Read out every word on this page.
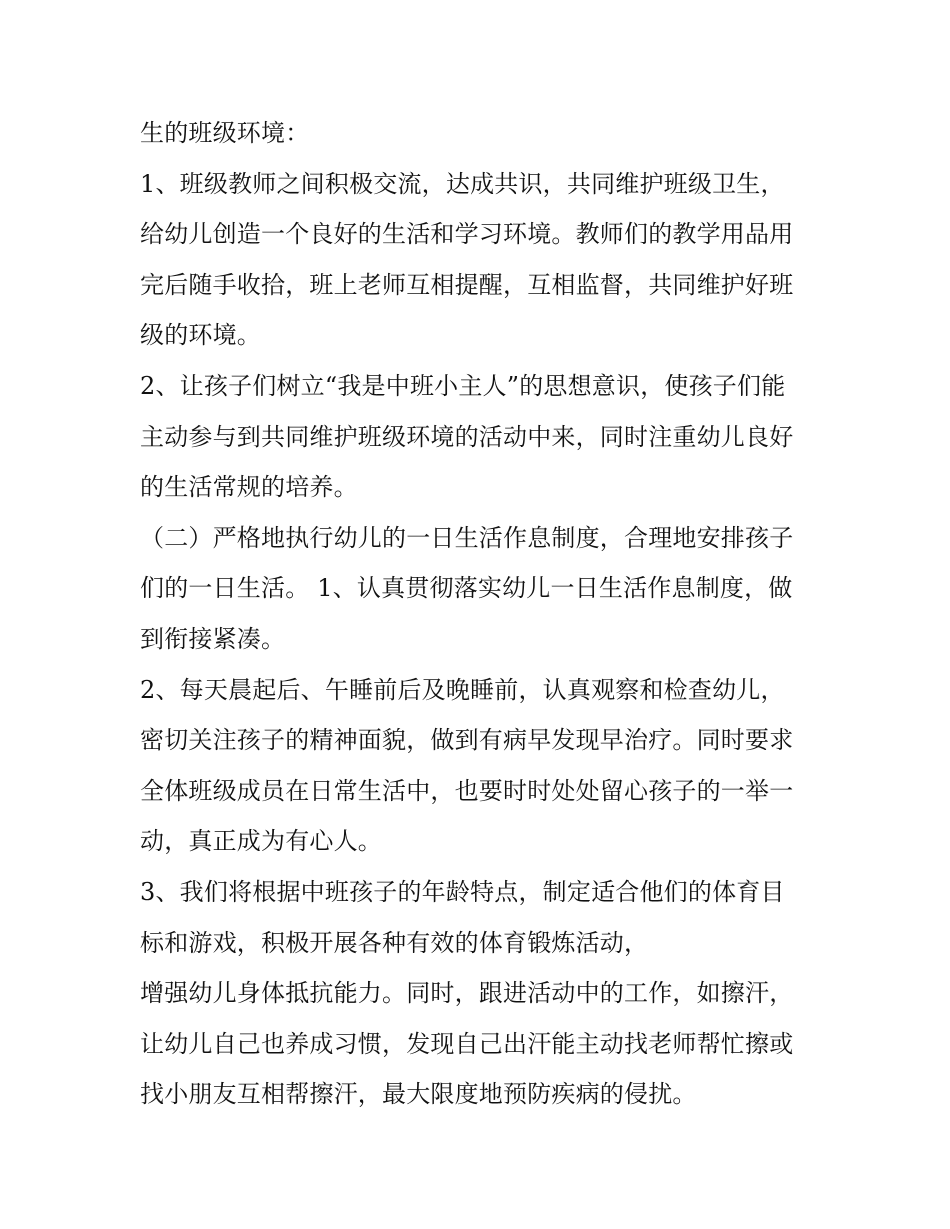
生的班级环境：
1、班级教师之间积极交流，达成共识，共同维护班级卫生，
给幼儿创造一个良好的生活和学习环境。教师们的教学用品用
完后随手收拾，班上老师互相提醒，互相监督，共同维护好班
级的环境。
2、让孩子们树立“我是中班小主人”的思想意识，使孩子们能
主动参与到共同维护班级环境的活动中来，同时注重幼儿良好
的生活常规的培养。
（二）严格地执行幼儿的一日生活作息制度，合理地安排孩子
们的一日生活。 1、认真贯彻落实幼儿一日生活作息制度，做
到衔接紧凑。
2、每天晨起后、午睡前后及晚睡前，认真观察和检查幼儿，
密切关注孩子的精神面貌，做到有病早发现早治疗。同时要求
全体班级成员在日常生活中，也要时时处处留心孩子的一举一
动，真正成为有心人。
3、我们将根据中班孩子的年龄特点，制定适合他们的体育目
标和游戏，积极开展各种有效的体育锻炼活动，
增强幼儿身体抵抗能力。同时，跟进活动中的工作，如擦汗，
让幼儿自己也养成习惯，发现自己出汗能主动找老师帮忙擦或
找小朋友互相帮擦汗，最大限度地预防疾病的侵扰。
